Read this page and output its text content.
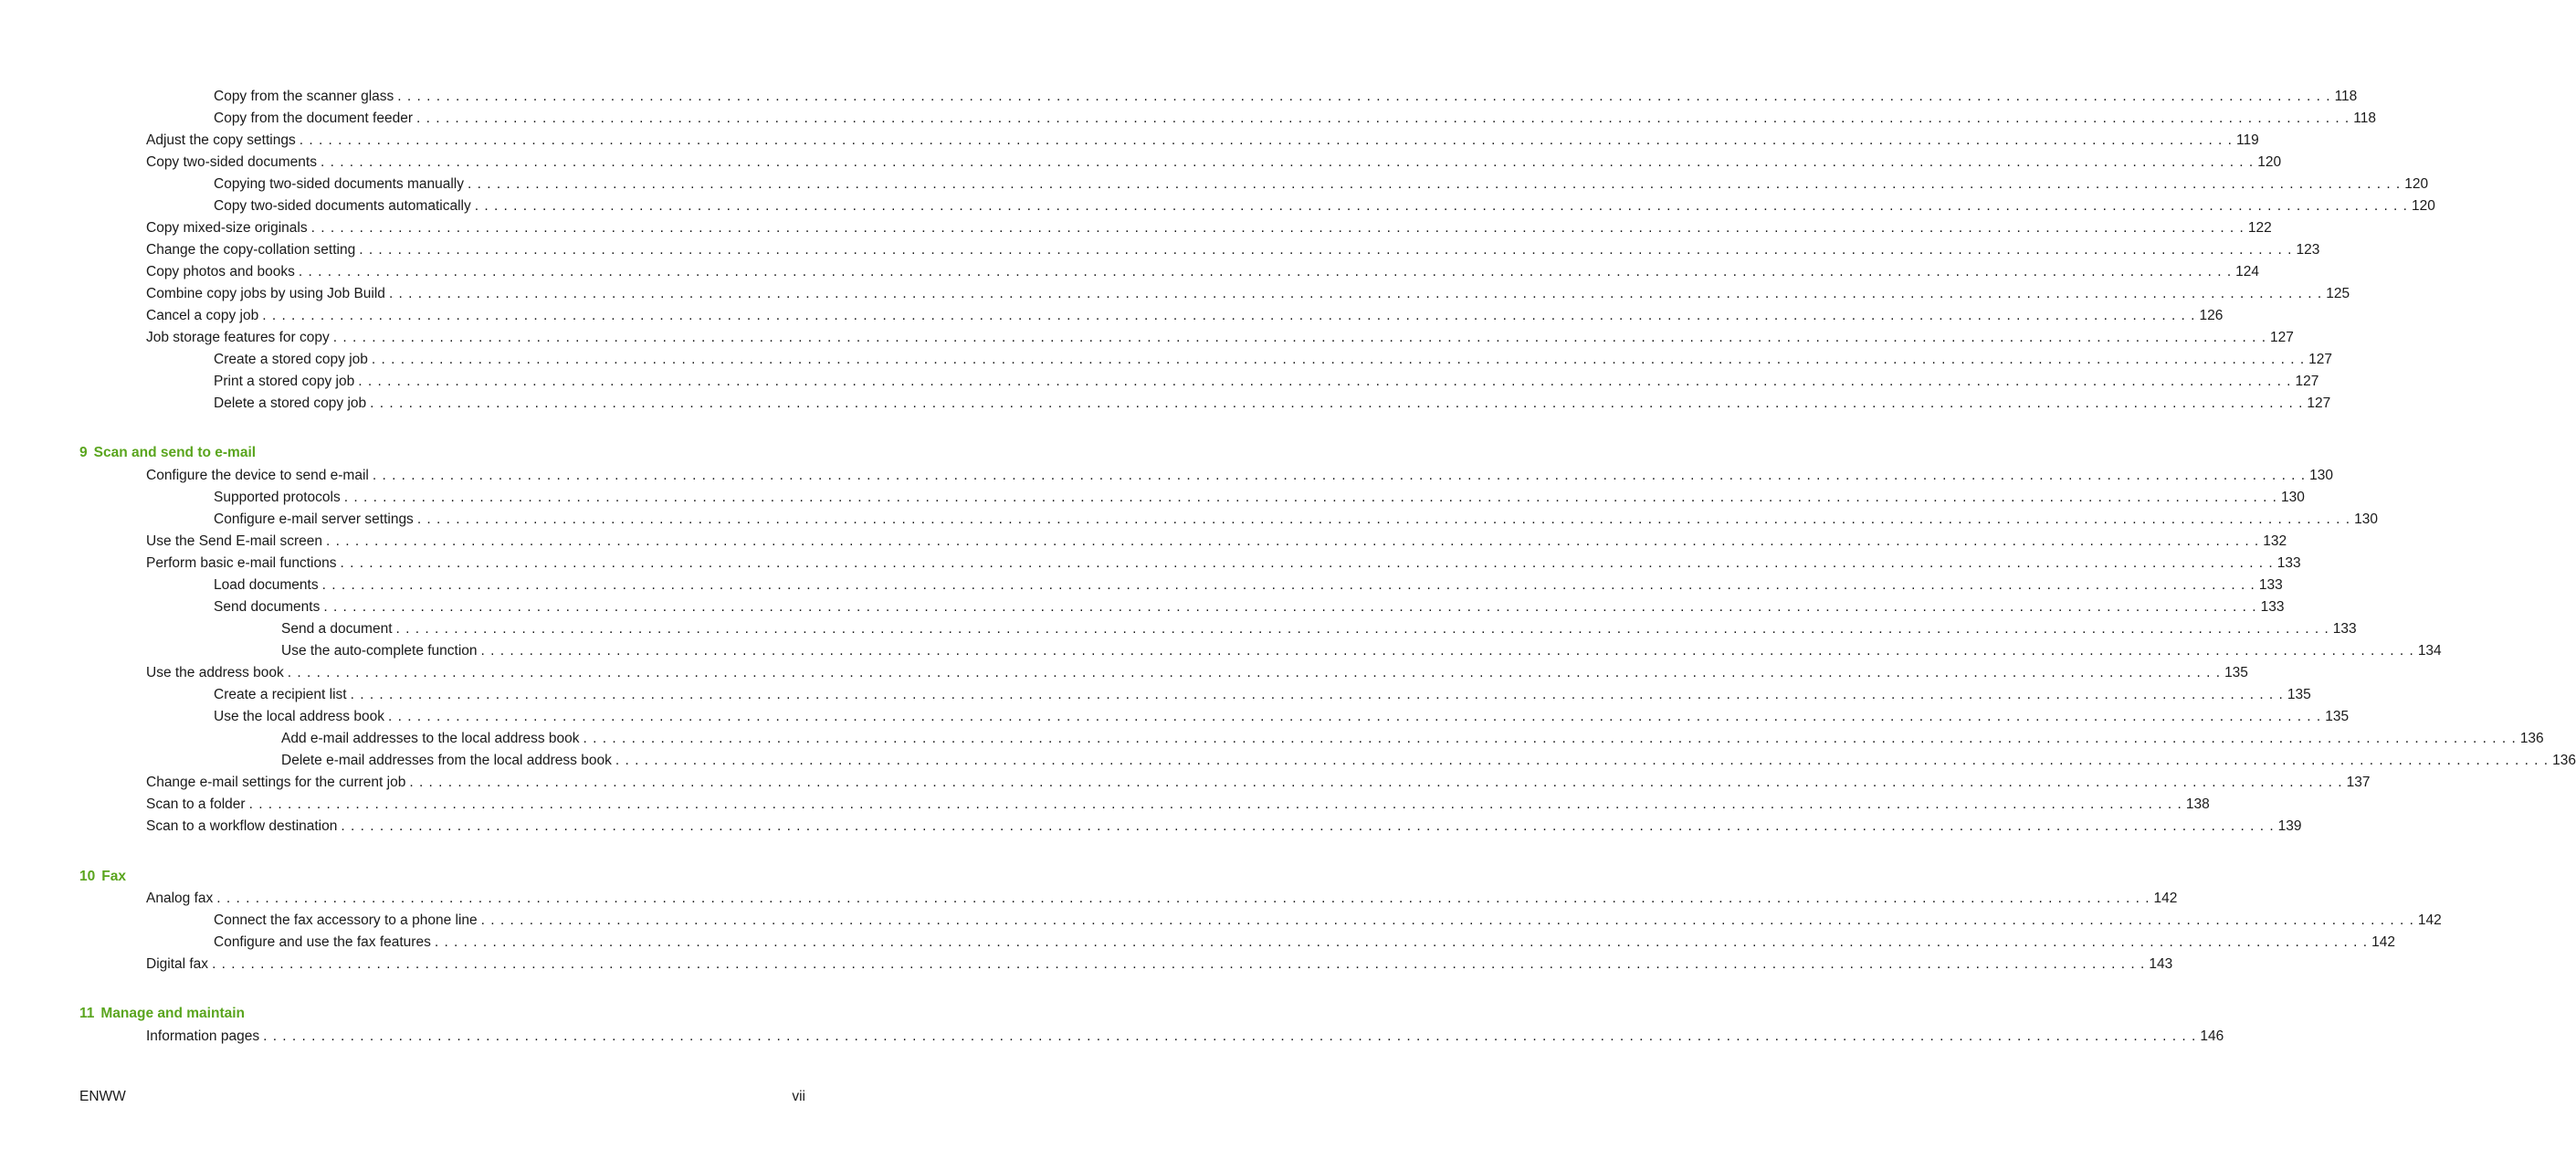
Copy from the scanner glass . . . . . . . . . . . . . . . . . . . . . . . . . . . . . . . . . . . . . . . . . . . . . . . . . . . . . . . . . . . . . . . . . . . . . . . . . . . . . . . . . . . . . . . . . . . . . . . . . . . . . . . . . . . . . . . . . . . . . . . . . . . . . . . . . . . . . . . . . . . . . . . . . . . . . . . . . . . . . . . . . . . . . . . . . . . . . . . . . . . . . . . . . . . . . . . . . . . . . . . . 118
Copy from the document feeder . . . . . . . . . . . . . . . . . . . . . . . . . . . . . . . . . . . . . . . . . . . . . . . . . . . . . . . . . . . . . . . . . . . . . . . . . . . . . . . . . . . . . . . . . . . . . . . . . . . . . . . . . . . . . . . . . . . . . . . . . . . . . . . . . . . . . . . . . . . . . . . . . . . . . . . . . . . . . . . . . . . . . . . . . . . . . . . . . . . . . . . . . . . . . . . . . . . . . . . . 118
Adjust the copy settings . . . . . . . . . . . . . . . . . . . . . . . . . . . . . . . . . . . . . . . . . . . . . . . . . . . . . . . . . . . . . . . . . . . . . . . . . . . . . . . . . . . . . . . . . . . . . . . . . . . . . . . . . . . . . . . . . . . . . . . . . . . . . . . . . . . . . . . . . . . . . . . . . . . . . . . . . . . . . . . . . . . . . . . . . . . . . . . . . . . . . . . . . . . . . . . . . . . . . . . . 119
Copy two-sided documents . . . . . . . . . . . . . . . . . . . . . . . . . . . . . . . . . . . . . . . . . . . . . . . . . . . . . . . . . . . . . . . . . . . . . . . . . . . . . . . . . . . . . . . . . . . . . . . . . . . . . . . . . . . . . . . . . . . . . . . . . . . . . . . . . . . . . . . . . . . . . . . . . . . . . . . . . . . . . . . . . . . . . . . . . . . . . . . . . . . . . . . . . . . . . . . . . . . . . . . . 120
Copying two-sided documents manually . . . . . . . . . . . . . . . . . . . . . . . . . . . . . . . . . . . . . . . . . . . . . . . . . . . . . . . . . . . . . . . . . . . . . . . . . . . . . . . . . . . . . . . . . . . . . . . . . . . . . . . . . . . . . . . . . . . . . . . . . . . . . . . . . . . . . . . . . . . . . . . . . . . . . . . . . . . . . . . . . . . . . . . . . . . . . . . . . . . . . . . . . . . . . . . . . . . . . . . . 120
Copy two-sided documents automatically . . . . . . . . . . . . . . . . . . . . . . . . . . . . . . . . . . . . . . . . . . . . . . . . . . . . . . . . . . . . . . . . . . . . . . . . . . . . . . . . . . . . . . . . . . . . . . . . . . . . . . . . . . . . . . . . . . . . . . . . . . . . . . . . . . . . . . . . . . . . . . . . . . . . . . . . . . . . . . . . . . . . . . . . . . . . . . . . . . . . . . . . . . . . . . . . . . . . . . . . 120
Copy mixed-size originals . . . . . . . . . . . . . . . . . . . . . . . . . . . . . . . . . . . . . . . . . . . . . . . . . . . . . . . . . . . . . . . . . . . . . . . . . . . . . . . . . . . . . . . . . . . . . . . . . . . . . . . . . . . . . . . . . . . . . . . . . . . . . . . . . . . . . . . . . . . . . . . . . . . . . . . . . . . . . . . . . . . . . . . . . . . . . . . . . . . . . . . . . . . . . . . . . . . . . . . . 122
Change the copy-collation setting . . . . . . . . . . . . . . . . . . . . . . . . . . . . . . . . . . . . . . . . . . . . . . . . . . . . . . . . . . . . . . . . . . . . . . . . . . . . . . . . . . . . . . . . . . . . . . . . . . . . . . . . . . . . . . . . . . . . . . . . . . . . . . . . . . . . . . . . . . . . . . . . . . . . . . . . . . . . . . . . . . . . . . . . . . . . . . . . . . . . . . . . . . . . . . . . . . . . . . . . 123
Copy photos and books . . . . . . . . . . . . . . . . . . . . . . . . . . . . . . . . . . . . . . . . . . . . . . . . . . . . . . . . . . . . . . . . . . . . . . . . . . . . . . . . . . . . . . . . . . . . . . . . . . . . . . . . . . . . . . . . . . . . . . . . . . . . . . . . . . . . . . . . . . . . . . . . . . . . . . . . . . . . . . . . . . . . . . . . . . . . . . . . . . . . . . . . . . . . . . . . . . . . . . . . 124
Combine copy jobs by using Job Build . . . . . . . . . . . . . . . . . . . . . . . . . . . . . . . . . . . . . . . . . . . . . . . . . . . . . . . . . . . . . . . . . . . . . . . . . . . . . . . . . . . . . . . . . . . . . . . . . . . . . . . . . . . . . . . . . . . . . . . . . . . . . . . . . . . . . . . . . . . . . . . . . . . . . . . . . . . . . . . . . . . . . . . . . . . . . . . . . . . . . . . . . . . . . . . . . . . . . . . . 125
Cancel a copy job . . . . . . . . . . . . . . . . . . . . . . . . . . . . . . . . . . . . . . . . . . . . . . . . . . . . . . . . . . . . . . . . . . . . . . . . . . . . . . . . . . . . . . . . . . . . . . . . . . . . . . . . . . . . . . . . . . . . . . . . . . . . . . . . . . . . . . . . . . . . . . . . . . . . . . . . . . . . . . . . . . . . . . . . . . . . . . . . . . . . . . . . . . . . . . . . . . . . . . . . 126
Job storage features for copy . . . . . . . . . . . . . . . . . . . . . . . . . . . . . . . . . . . . . . . . . . . . . . . . . . . . . . . . . . . . . . . . . . . . . . . . . . . . . . . . . . . . . . . . . . . . . . . . . . . . . . . . . . . . . . . . . . . . . . . . . . . . . . . . . . . . . . . . . . . . . . . . . . . . . . . . . . . . . . . . . . . . . . . . . . . . . . . . . . . . . . . . . . . . . . . . . . . . . . . . 127
Create a stored copy job . . . . . . . . . . . . . . . . . . . . . . . . . . . . . . . . . . . . . . . . . . . . . . . . . . . . . . . . . . . . . . . . . . . . . . . . . . . . . . . . . . . . . . . . . . . . . . . . . . . . . . . . . . . . . . . . . . . . . . . . . . . . . . . . . . . . . . . . . . . . . . . . . . . . . . . . . . . . . . . . . . . . . . . . . . . . . . . . . . . . . . . . . . . . . . . . . . . . . . . . 127
Print a stored copy job . . . . . . . . . . . . . . . . . . . . . . . . . . . . . . . . . . . . . . . . . . . . . . . . . . . . . . . . . . . . . . . . . . . . . . . . . . . . . . . . . . . . . . . . . . . . . . . . . . . . . . . . . . . . . . . . . . . . . . . . . . . . . . . . . . . . . . . . . . . . . . . . . . . . . . . . . . . . . . . . . . . . . . . . . . . . . . . . . . . . . . . . . . . . . . . . . . . . . . . . 127
Delete a stored copy job . . . . . . . . . . . . . . . . . . . . . . . . . . . . . . . . . . . . . . . . . . . . . . . . . . . . . . . . . . . . . . . . . . . . . . . . . . . . . . . . . . . . . . . . . . . . . . . . . . . . . . . . . . . . . . . . . . . . . . . . . . . . . . . . . . . . . . . . . . . . . . . . . . . . . . . . . . . . . . . . . . . . . . . . . . . . . . . . . . . . . . . . . . . . . . . . . . . . . . . . 127
9 Scan and send to e-mail
Configure the device to send e-mail . . . . . . . . . . . . . . . . . . . . . . . . . . . . . . . . . . . . . . . . . . . . . . . . . . . . . . . . . . . . . . . . . . . . . . . . . . . . . . . . . . . . . . . . . . . . . . . . . . . . . . . . . . . . . . . . . . . . . . . . . . . . . . . . . . . . . . . . . . . . . . . . . . . . . . . . . . . . . . . . . . . . . . . . . . . . . . . . . . . . . . . . . . . . . . . . . . . . . . . . 130
Supported protocols . . . . . . . . . . . . . . . . . . . . . . . . . . . . . . . . . . . . . . . . . . . . . . . . . . . . . . . . . . . . . . . . . . . . . . . . . . . . . . . . . . . . . . . . . . . . . . . . . . . . . . . . . . . . . . . . . . . . . . . . . . . . . . . . . . . . . . . . . . . . . . . . . . . . . . . . . . . . . . . . . . . . . . . . . . . . . . . . . . . . . . . . . . . . . . . . . . . . . . . . 130
Configure e-mail server settings . . . . . . . . . . . . . . . . . . . . . . . . . . . . . . . . . . . . . . . . . . . . . . . . . . . . . . . . . . . . . . . . . . . . . . . . . . . . . . . . . . . . . . . . . . . . . . . . . . . . . . . . . . . . . . . . . . . . . . . . . . . . . . . . . . . . . . . . . . . . . . . . . . . . . . . . . . . . . . . . . . . . . . . . . . . . . . . . . . . . . . . . . . . . . . . . . . . . . . . . 130
Use the Send E-mail screen . . . . . . . . . . . . . . . . . . . . . . . . . . . . . . . . . . . . . . . . . . . . . . . . . . . . . . . . . . . . . . . . . . . . . . . . . . . . . . . . . . . . . . . . . . . . . . . . . . . . . . . . . . . . . . . . . . . . . . . . . . . . . . . . . . . . . . . . . . . . . . . . . . . . . . . . . . . . . . . . . . . . . . . . . . . . . . . . . . . . . . . . . . . . . . . . . . . . . . . . 132
Perform basic e-mail functions . . . . . . . . . . . . . . . . . . . . . . . . . . . . . . . . . . . . . . . . . . . . . . . . . . . . . . . . . . . . . . . . . . . . . . . . . . . . . . . . . . . . . . . . . . . . . . . . . . . . . . . . . . . . . . . . . . . . . . . . . . . . . . . . . . . . . . . . . . . . . . . . . . . . . . . . . . . . . . . . . . . . . . . . . . . . . . . . . . . . . . . . . . . . . . . . . . . . . . . . 133
Load documents . . . . . . . . . . . . . . . . . . . . . . . . . . . . . . . . . . . . . . . . . . . . . . . . . . . . . . . . . . . . . . . . . . . . . . . . . . . . . . . . . . . . . . . . . . . . . . . . . . . . . . . . . . . . . . . . . . . . . . . . . . . . . . . . . . . . . . . . . . . . . . . . . . . . . . . . . . . . . . . . . . . . . . . . . . . . . . . . . . . . . . . . . . . . . . . . . . . . . . . . 133
Send documents . . . . . . . . . . . . . . . . . . . . . . . . . . . . . . . . . . . . . . . . . . . . . . . . . . . . . . . . . . . . . . . . . . . . . . . . . . . . . . . . . . . . . . . . . . . . . . . . . . . . . . . . . . . . . . . . . . . . . . . . . . . . . . . . . . . . . . . . . . . . . . . . . . . . . . . . . . . . . . . . . . . . . . . . . . . . . . . . . . . . . . . . . . . . . . . . . . . . . . . . 133
Send a document . . . . . . . . . . . . . . . . . . . . . . . . . . . . . . . . . . . . . . . . . . . . . . . . . . . . . . . . . . . . . . . . . . . . . . . . . . . . . . . . . . . . . . . . . . . . . . . . . . . . . . . . . . . . . . . . . . . . . . . . . . . . . . . . . . . . . . . . . . . . . . . . . . . . . . . . . . . . . . . . . . . . . . . . . . . . . . . . . . . . . . . . . . . . . . . . . . . . . . . . 133
Use the auto-complete function . . . . . . . . . . . . . . . . . . . . . . . . . . . . . . . . . . . . . . . . . . . . . . . . . . . . . . . . . . . . . . . . . . . . . . . . . . . . . . . . . . . . . . . . . . . . . . . . . . . . . . . . . . . . . . . . . . . . . . . . . . . . . . . . . . . . . . . . . . . . . . . . . . . . . . . . . . . . . . . . . . . . . . . . . . . . . . . . . . . . . . . . . . . . . . . . . . . . . . . . 134
Use the address book . . . . . . . . . . . . . . . . . . . . . . . . . . . . . . . . . . . . . . . . . . . . . . . . . . . . . . . . . . . . . . . . . . . . . . . . . . . . . . . . . . . . . . . . . . . . . . . . . . . . . . . . . . . . . . . . . . . . . . . . . . . . . . . . . . . . . . . . . . . . . . . . . . . . . . . . . . . . . . . . . . . . . . . . . . . . . . . . . . . . . . . . . . . . . . . . . . . . . . . . 135
Create a recipient list . . . . . . . . . . . . . . . . . . . . . . . . . . . . . . . . . . . . . . . . . . . . . . . . . . . . . . . . . . . . . . . . . . . . . . . . . . . . . . . . . . . . . . . . . . . . . . . . . . . . . . . . . . . . . . . . . . . . . . . . . . . . . . . . . . . . . . . . . . . . . . . . . . . . . . . . . . . . . . . . . . . . . . . . . . . . . . . . . . . . . . . . . . . . . . . . . . . . . . . . 135
Use the local address book . . . . . . . . . . . . . . . . . . . . . . . . . . . . . . . . . . . . . . . . . . . . . . . . . . . . . . . . . . . . . . . . . . . . . . . . . . . . . . . . . . . . . . . . . . . . . . . . . . . . . . . . . . . . . . . . . . . . . . . . . . . . . . . . . . . . . . . . . . . . . . . . . . . . . . . . . . . . . . . . . . . . . . . . . . . . . . . . . . . . . . . . . . . . . . . . . . . . . . . . 135
Add e-mail addresses to the local address book . . . . . . . . . . . . . . . . . . . . . . . . . . . . . . . . . . . . . . . . . . . . . . . . . . . . . . . . . . . . . . . . . . . . . . . . . . . . . . . . . . . . . . . . . . . . . . . . . . . . . . . . . . . . . . . . . . . . . . . . . . . . . . . . . . . . . . . . . . . . . . . . . . . . . . . . . . . . . . . . . . . . . . . . . . . . . . . . . . . . . . . . . . . . . . . . . . . . . . . . 136
Delete e-mail addresses from the local address book . . . . . . . . . . . . . . . . . . . . . . . . . . . . . . . . . . . . . . . . . . . . . . . . . . . . . . . . . . . . . . . . . . . . . . . . . . . . . . . . . . . . . . . . . . . . . . . . . . . . . . . . . . . . . . . . . . . . . . . . . . . . . . . . . . . . . . . . . . . . . . . . . . . . . . . . . . . . . . . . . . . . . . . . . . . . . . . . . . . . . . . . . . . . . . . . . . . . . . . . 136
Change e-mail settings for the current job . . . . . . . . . . . . . . . . . . . . . . . . . . . . . . . . . . . . . . . . . . . . . . . . . . . . . . . . . . . . . . . . . . . . . . . . . . . . . . . . . . . . . . . . . . . . . . . . . . . . . . . . . . . . . . . . . . . . . . . . . . . . . . . . . . . . . . . . . . . . . . . . . . . . . . . . . . . . . . . . . . . . . . . . . . . . . . . . . . . . . . . . . . . . . . . . . . . . . . . . 137
Scan to a folder . . . . . . . . . . . . . . . . . . . . . . . . . . . . . . . . . . . . . . . . . . . . . . . . . . . . . . . . . . . . . . . . . . . . . . . . . . . . . . . . . . . . . . . . . . . . . . . . . . . . . . . . . . . . . . . . . . . . . . . . . . . . . . . . . . . . . . . . . . . . . . . . . . . . . . . . . . . . . . . . . . . . . . . . . . . . . . . . . . . . . . . . . . . . . . . . . . . . . . . . 138
Scan to a workflow destination . . . . . . . . . . . . . . . . . . . . . . . . . . . . . . . . . . . . . . . . . . . . . . . . . . . . . . . . . . . . . . . . . . . . . . . . . . . . . . . . . . . . . . . . . . . . . . . . . . . . . . . . . . . . . . . . . . . . . . . . . . . . . . . . . . . . . . . . . . . . . . . . . . . . . . . . . . . . . . . . . . . . . . . . . . . . . . . . . . . . . . . . . . . . . . . . . . . . . . . . 139
10 Fax
Analog fax . . . . . . . . . . . . . . . . . . . . . . . . . . . . . . . . . . . . . . . . . . . . . . . . . . . . . . . . . . . . . . . . . . . . . . . . . . . . . . . . . . . . . . . . . . . . . . . . . . . . . . . . . . . . . . . . . . . . . . . . . . . . . . . . . . . . . . . . . . . . . . . . . . . . . . . . . . . . . . . . . . . . . . . . . . . . . . . . . . . . . . . . . . . . . . . . . . . . . . . . 142
Connect the fax accessory to a phone line . . . . . . . . . . . . . . . . . . . . . . . . . . . . . . . . . . . . . . . . . . . . . . . . . . . . . . . . . . . . . . . . . . . . . . . . . . . . . . . . . . . . . . . . . . . . . . . . . . . . . . . . . . . . . . . . . . . . . . . . . . . . . . . . . . . . . . . . . . . . . . . . . . . . . . . . . . . . . . . . . . . . . . . . . . . . . . . . . . . . . . . . . . . . . . . . . . . . . . . . 142
Configure and use the fax features . . . . . . . . . . . . . . . . . . . . . . . . . . . . . . . . . . . . . . . . . . . . . . . . . . . . . . . . . . . . . . . . . . . . . . . . . . . . . . . . . . . . . . . . . . . . . . . . . . . . . . . . . . . . . . . . . . . . . . . . . . . . . . . . . . . . . . . . . . . . . . . . . . . . . . . . . . . . . . . . . . . . . . . . . . . . . . . . . . . . . . . . . . . . . . . . . . . . . . . . 142
Digital fax . . . . . . . . . . . . . . . . . . . . . . . . . . . . . . . . . . . . . . . . . . . . . . . . . . . . . . . . . . . . . . . . . . . . . . . . . . . . . . . . . . . . . . . . . . . . . . . . . . . . . . . . . . . . . . . . . . . . . . . . . . . . . . . . . . . . . . . . . . . . . . . . . . . . . . . . . . . . . . . . . . . . . . . . . . . . . . . . . . . . . . . . . . . . . . . . . . . . . . . . 143
11 Manage and maintain
Information pages . . . . . . . . . . . . . . . . . . . . . . . . . . . . . . . . . . . . . . . . . . . . . . . . . . . . . . . . . . . . . . . . . . . . . . . . . . . . . . . . . . . . . . . . . . . . . . . . . . . . . . . . . . . . . . . . . . . . . . . . . . . . . . . . . . . . . . . . . . . . . . . . . . . . . . . . . . . . . . . . . . . . . . . . . . . . . . . . . . . . . . . . . . . . . . . . . . . . . . . . 146
ENWW	vii
